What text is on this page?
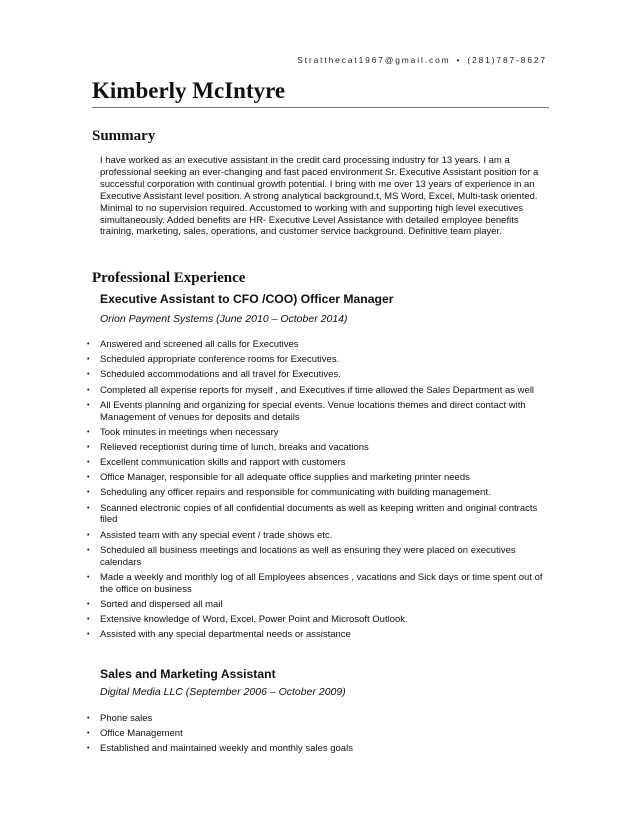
Stratthecat1967@gmail.com • (281)787-8627
Kimberly McIntyre
Summary

I have worked as an executive assistant in the credit card processing industry for 13 years. I am a professional seeking an ever-changing and fast paced environment Sr. Executive Assistant position for a successful corporation with continual growth potential. I bring with me over 13 years of experience in an Executive Assistant level position. A strong analytical background.t, MS Word, Excel, Multi-task oriented. Minimal to no supervision required. Accustomed to working with and supporting high level executives simultaneously. Added benefits are HR- Executive Level Assistance with detailed employee benefits training, marketing, sales, operations, and customer service background. Definitive team player.

Professional Experience
Executive Assistant to CFO /COO) Officer Manager
Orion Payment Systems (June 2010 – October 2014)
• Answered and screened all calls for Executives
• Scheduled appropriate conference rooms for Executives.
• Scheduled accommodations and all travel for Executives.
• Completed all expense reports for myself , and Executives if time allowed the Sales Department as well
• All Events planning and organizing for special events. Venue locations themes and direct contact with Management of venues for deposits and details
• Took minutes in meetings when necessary
• Relieved receptionist during time of lunch, breaks and vacations
• Excellent communication skills and rapport with customers
• Office Manager, responsible for all adequate office supplies and marketing printer needs
• Scheduling any officer repairs and responsible for communicating with building management.
• Scanned electronic copies of all confidential documents as well as keeping written and original contracts filed
• Assisted team with any special event / trade shows etc.
• Scheduled all business meetings and locations as well as ensuring they were placed on executives calendars
• Made a weekly and monthly log of all Employees absences , vacations and Sick days or time spent out of the office on business
• Sorted and dispersed all mail
• Extensive knowledge of Word, Excel, Power Point and Microsoft Outlook.
• Assisted with any special departmental needs or assistance
Sales and Marketing Assistant
Digital Media LLC (September 2006 – October 2009)
• Phone sales
• Office Management
• Established and maintained weekly and monthly sales goals
